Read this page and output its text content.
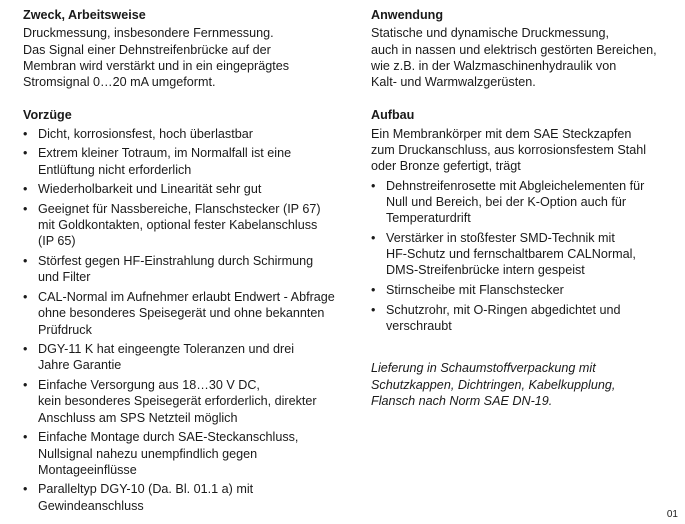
Zweck, Arbeitsweise
Druckmessung, insbesondere Fernmessung.
Das Signal einer Dehnstreifenbrücke auf der
Membran wird verstärkt und in ein eingeprägtes
Stromsignal 0…20 mA umgeformt.
Vorzüge
• Dicht, korrosionsfest, hoch überlastbar
• Extrem kleiner Totraum, im Normalfall ist eine
Entlüftung nicht erforderlich
• Wiederholbarkeit und Linearität sehr gut
• Geeignet für Nassbereiche, Flanschstecker (IP 67)
mit Goldkontakten, optional fester Kabelanschluss
(IP 65)
• Störfest gegen HF-Einstrahlung durch Schirmung
und Filter
• CAL-Normal im Aufnehmer erlaubt Endwert - Abfrage
ohne besonderes Speisegerät und ohne bekannten
Prüfdruck
• DGY-11 K hat eingeengte Toleranzen und drei
Jahre Garantie
• Einfache Versorgung aus 18…30 V DC,
kein besonderes Speisegerät erforderlich, direkter
Anschluss am SPS Netzteil möglich
• Einfache Montage durch SAE-Steckanschluss,
Nullsignal nahezu unempfindlich gegen
Montageeinflüsse
• Paralleltyp DGY-10 (Da. Bl. 01.1 a) mit
Gewindeanschluss
Anwendung
Statische und dynamische Druckmessung,
auch in nassen und elektrisch gestörten Bereichen,
wie z.B. in der Walzmaschinenhydraulik von
Kalt- und Warmwalzgerüsten.
Aufbau
Ein Membrankörper mit dem SAE Steckzapfen
zum Druckanschluss, aus korrosionsfestem Stahl
oder Bronze gefertigt, trägt
• Dehnstreifenrosette mit Abgleichelementen für
Null und Bereich, bei der K-Option auch für
Temperaturdrift
• Verstärker in stoßfester SMD-Technik mit
HF-Schutz und fernschaltbarem CALNormal,
DMS-Streifenbrücke intern gespeist
• Stirnscheibe mit Flanschstecker
• Schutzrohr, mit O-Ringen abgedichtet und
verschraubt
Lieferung in Schaumstoffverpackung mit
Schutzkappen, Dichtringen, Kabelkupplung,
Flansch nach Norm SAE DN-19.
01
